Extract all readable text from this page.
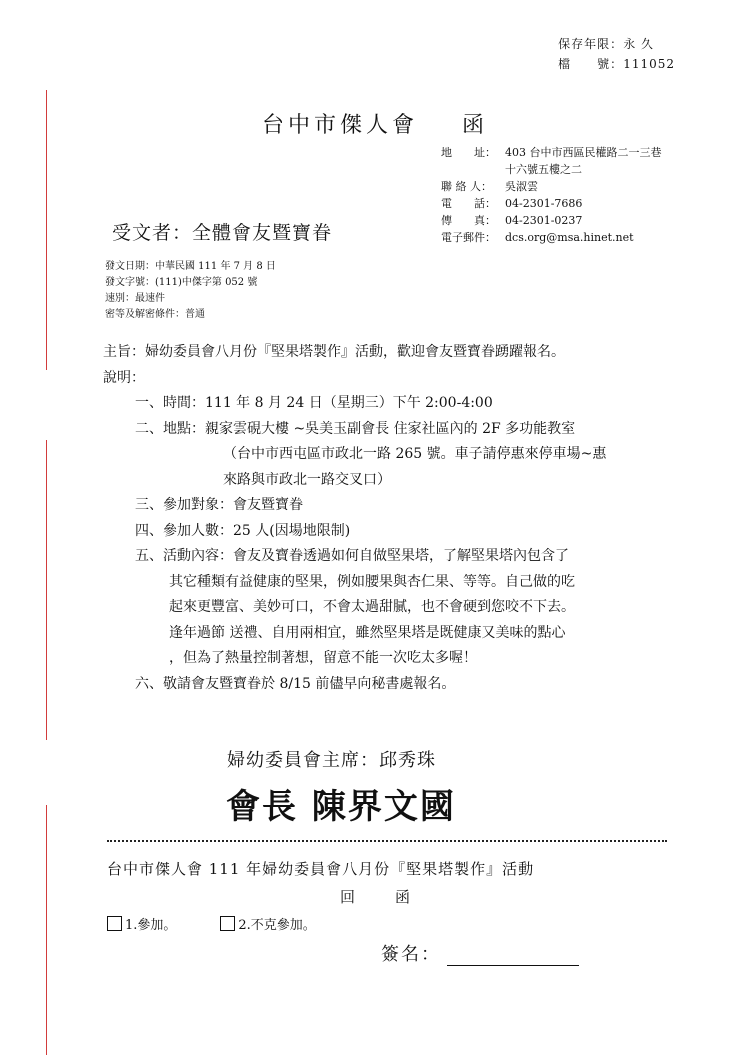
保存年限：永 久
檔　　號：111052
台中市傑人會 函
地　　址： 403 台中市西區民權路二一三巷
十六號五樓之二
聯 絡 人：	吳淑雲
電　　話： 04-2301-7686
傳　　真： 04-2301-0237
電子郵件： dcs.org@msa.hinet.net
受文者：全體會友暨寶眷
發文日期：中華民國 111 年 7 月 8 日
發文字號：(111)中傑字第 052 號
速別：最速件
密等及解密條件：普通
主旨：婦幼委員會八月份『堅果塔製作』活動，歡迎會友暨寶眷踴躍報名。
說明：
一、時間：111 年 8 月 24 日（星期三）下午 2:00-4:00
二、地點：親家雲硯大樓 ~吳美玉副會長 住家社區內的 2F 多功能教室
（台中市西屯區市政北一路 265 號。車子請停惠來停車場~惠
來路與市政北一路交叉口）
三、參加對象：會友暨寶眷
四、參加人數：25 人(因場地限制)
五、活動內容：會友及寶眷透過如何自做堅果塔，了解堅果塔內包含了
其它種類有益健康的堅果，例如腰果與杏仁果、等等。自己做的吃
起來更豐富、美妙可口，不會太過甜膩，也不會硬到您咬不下去。
逢年過節 送禮、自用兩相宜，雖然堅果塔是既健康又美味的點心
，但為了熱量控制著想，留意不能一次吃太多喔！
六、敬請會友暨寶眷於 8/15 前儘早向秘書處報名。
婦幼委員會主席：邱秀珠
會長 陳界文國
台中市傑人會 111 年婦幼委員會八月份『堅果塔製作』活動
回	函
1.參加。	2.不克參加。
簽名：
